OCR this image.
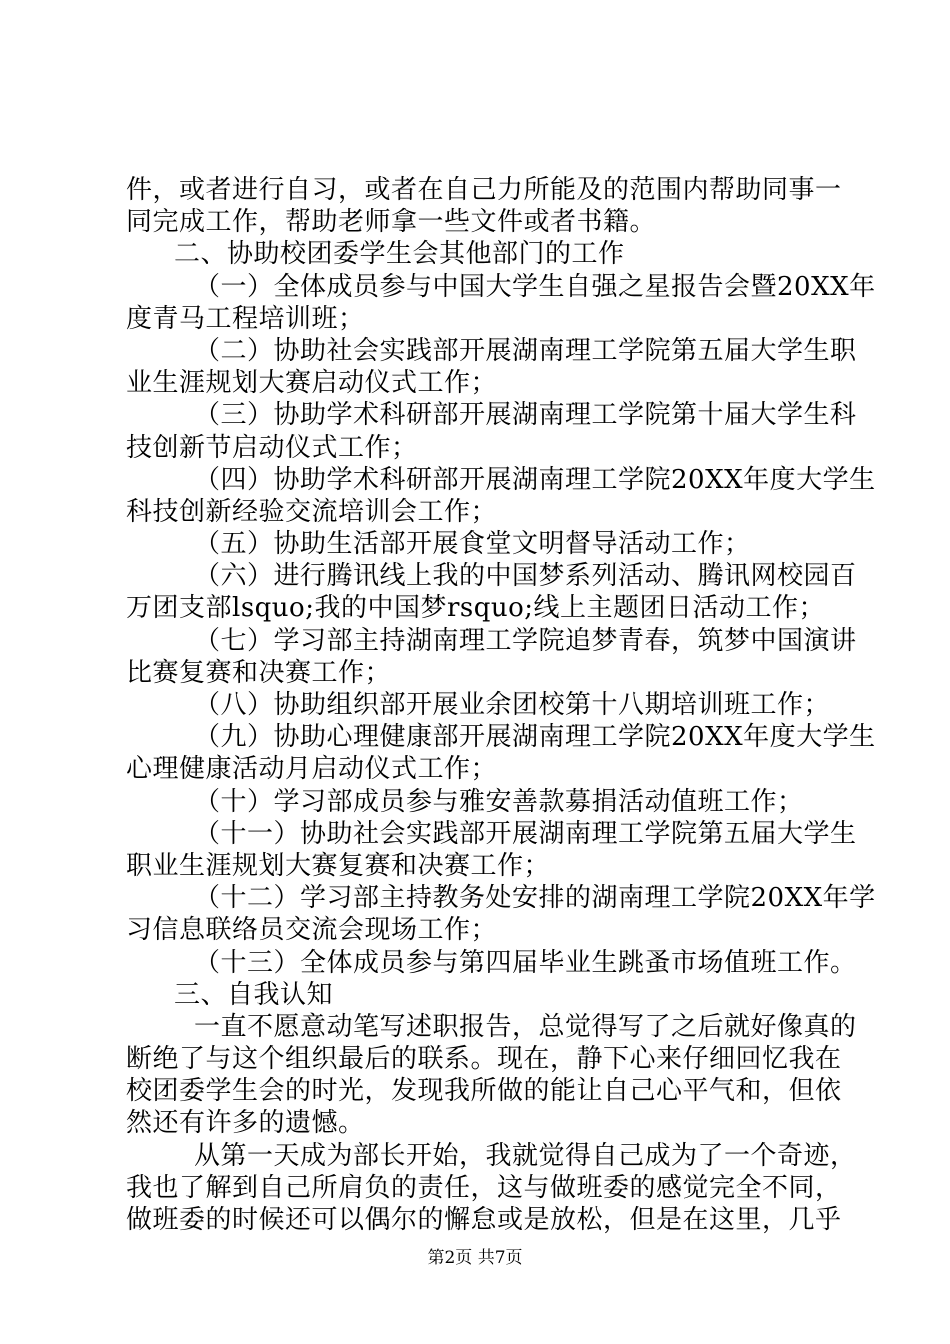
件，或者进行自习，或者在自己力所能及的范围内帮助同事一
同完成工作，帮助老师拿一些文件或者书籍。
二、协助校团委学生会其他部门的工作
（一）全体成员参与中国大学生自强之星报告会暨20XX年
度青马工程培训班；
（二）协助社会实践部开展湖南理工学院第五届大学生职
业生涯规划大赛启动仪式工作；
（三）协助学术科研部开展湖南理工学院第十届大学生科
技创新节启动仪式工作；
（四）协助学术科研部开展湖南理工学院20XX年度大学生
科技创新经验交流培训会工作；
（五）协助生活部开展食堂文明督导活动工作；
（六）进行腾讯线上我的中国梦系列活动、腾讯网校园百
万团支部lsquo;我的中国梦rsquo;线上主题团日活动工作；
（七）学习部主持湖南理工学院追梦青春，筑梦中国演讲
比赛复赛和决赛工作；
（八）协助组织部开展业余团校第十八期培训班工作；
（九）协助心理健康部开展湖南理工学院20XX年度大学生
心理健康活动月启动仪式工作；
（十）学习部成员参与雅安善款募捐活动值班工作；
（十一）协助社会实践部开展湖南理工学院第五届大学生
职业生涯规划大赛复赛和决赛工作；
（十二）学习部主持教务处安排的湖南理工学院20XX年学
习信息联络员交流会现场工作；
（十三）全体成员参与第四届毕业生跳蚤市场值班工作。
三、自我认知
一直不愿意动笔写述职报告，总觉得写了之后就好像真的
断绝了与这个组织最后的联系。现在，静下心来仔细回忆我在
校团委学生会的时光，发现我所做的能让自己心平气和，但依
然还有许多的遗憾。
从第一天成为部长开始，我就觉得自己成为了一个奇迹，
我也了解到自己所肩负的责任，这与做班委的感觉完全不同，
做班委的时候还可以偶尔的懈怠或是放松，但是在这里，几乎
第2页 共7页
